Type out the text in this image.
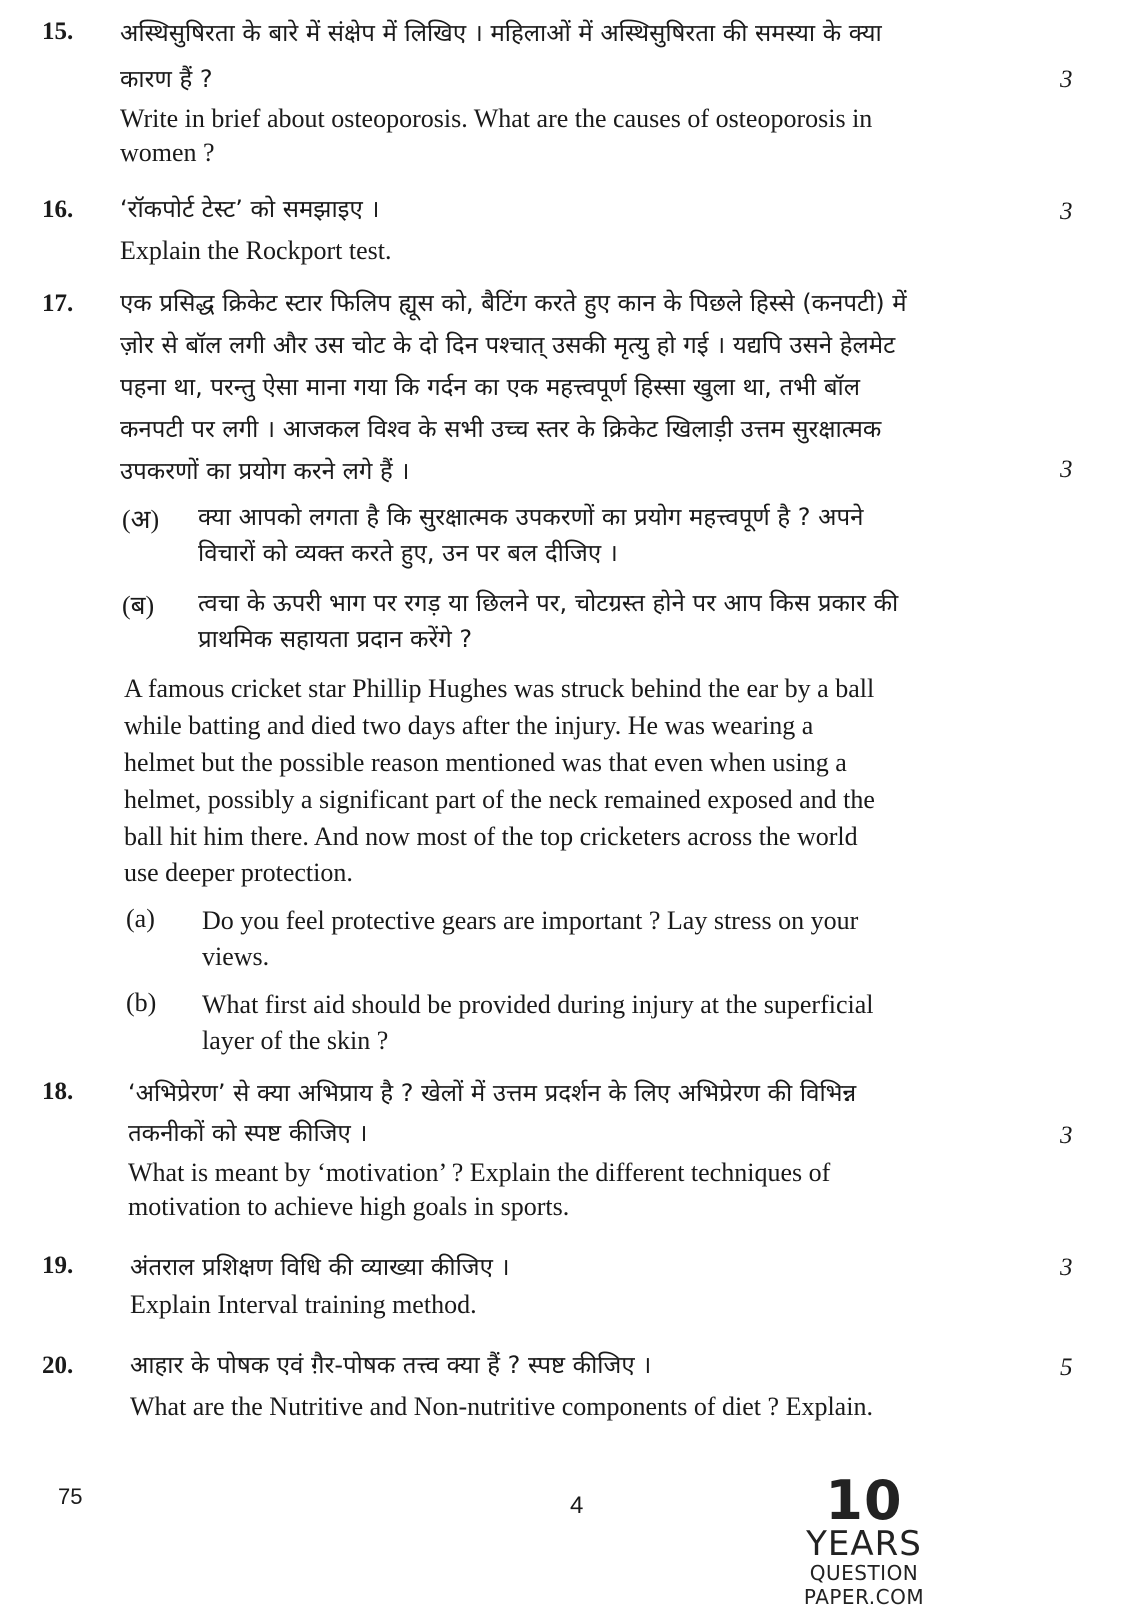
15. अस्थिसुषिरता के बारे में संक्षेप में लिखिए । महिलाओं में अस्थिसुषिरता की समस्या के क्या
कारण हैं ?	3
Write in brief about osteoporosis. What are the causes of osteoporosis in
women ?
16. ‘रॉकपोर्ट टेस्ट’ को समझाइए ।	3
Explain the Rockport test.
17. एक प्रसिद्ध क्रिकेट स्टार फिलिप ह्यूस को, बैटिंग करते हुए कान के पिछले हिस्से (कनपटी) में
ज़ोर से बॉल लगी और उस चोट के दो दिन पश्चात् उसकी मृत्यु हो गई । यद्यपि उसने हेलमेट
पहना था, परन्तु ऐसा माना गया कि गर्दन का एक महत्त्वपूर्ण हिस्सा खुला था, तभी बॉल
कनपटी पर लगी । आजकल विश्व के सभी उच्च स्तर के क्रिकेट खिलाड़ी उत्तम सुरक्षात्मक
उपकरणों का प्रयोग करने लगे हैं ।	3
(अ) क्या आपको लगता है कि सुरक्षात्मक उपकरणों का प्रयोग महत्त्वपूर्ण है ? अपने
विचारों को व्यक्त करते हुए, उन पर बल दीजिए ।
(ब) त्वचा के ऊपरी भाग पर रगड़ या छिलने पर, चोटग्रस्त होने पर आप किस प्रकार की
प्राथमिक सहायता प्रदान करेंगे ?
A famous cricket star Phillip Hughes was struck behind the ear by a ball
while batting and died two days after the injury. He was wearing a
helmet but the possible reason mentioned was that even when using a
helmet, possibly a significant part of the neck remained exposed and the
ball hit him there. And now most of the top cricketers across the world
use deeper protection.
(a) Do you feel protective gears are important ? Lay stress on your
views.
(b) What first aid should be provided during injury at the superficial
layer of the skin ?
18. ‘अभिप्रेरण’ से क्या अभिप्राय है ? खेलों में उत्तम प्रदर्शन के लिए अभिप्रेरण की विभिन्न
तकनीकों को स्पष्ट कीजिए ।	3
What is meant by ‘motivation’ ? Explain the different techniques of
motivation to achieve high goals in sports.
19. अंतराल प्रशिक्षण विधि की व्याख्या कीजिए ।	3
Explain Interval training method.
20. आहार के पोषक एवं ग़ैर-पोषक तत्त्व क्या हैं ? स्पष्ट कीजिए ।	5
What are the Nutritive and Non-nutritive components of diet ? Explain.
75	4	10
YEARS
QUESTION PAPER.COM
